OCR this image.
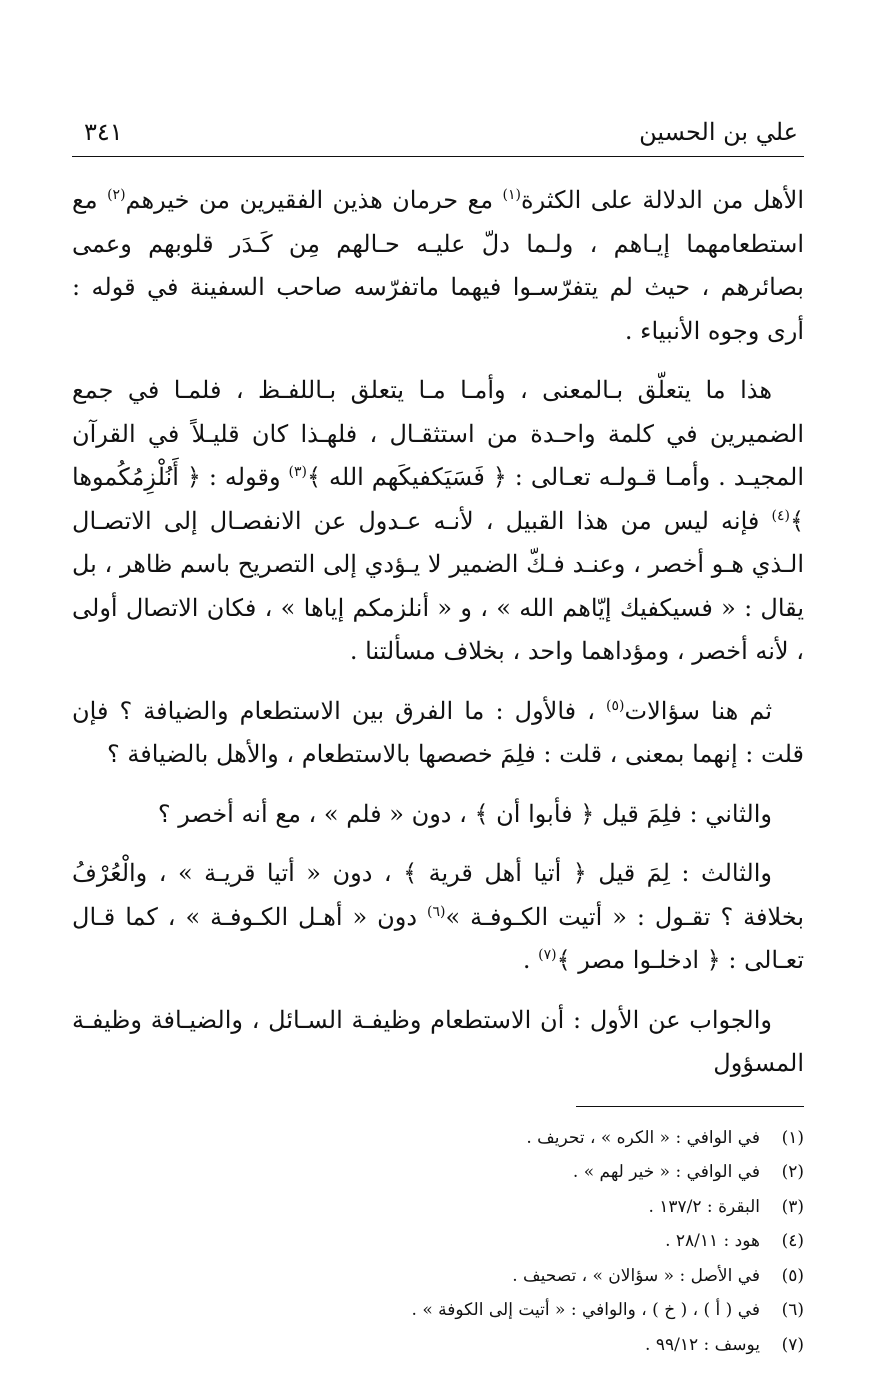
علي بن الحسين
٣٤١

الأهل من الدلالة على الكثرة$^{(١)}$ مع حرمان هذين الفقيرين من خيرهم$^{(٢)}$ مع استطعامهما إيـاهم ، ولـما دلّ عليـه حـالهم مِن كَـدَر قلوبهم وعمى بصائرهم ، حيث لم يتفرّسـوا فيهما ماتفرّسه صاحب السفينة في قوله : أرى وجوه الأنبياء .

هذا ما يتعلّق بـالمعنى ، وأمـا مـا يتعلق بـاللفـظ ، فلمـا في جمع الضميرين في كلمة واحـدة من استثقـال ، فلهـذا كان قليـلاً في القرآن المجيـد . وأمـا قـولـه تعـالى : ﴿ فَسَيَكفيكَهم الله ﴾$^{(٣)}$ وقوله : ﴿ أَنُلْزِمُكُموها ﴾$^{(٤)}$ فإنه ليس من هذا القبيل ، لأنـه عـدول عن الانفصـال إلى الاتصـال الـذي هـو أخصر ، وعنـد فـكّ الضمير لا يـؤدي إلى التصريح باسم ظاهر ، بل يقال : « فسيكفيك إيّاهم الله » ، و « أنلزمكم إياها » ، فكان الاتصال أولى ، لأنه أخصر ، ومؤداهما واحد ، بخلاف مسألتنا .

ثم هنا سؤالات$^{(٥)}$ ، فالأول : ما الفرق بين الاستطعام والضيافة ؟ فإن قلت : إنهما بمعنى ، قلت : فلِمَ خصصها بالاستطعام ، والأهل بالضيافة ؟

والثاني : فلِمَ قيل ﴿ فأبوا أن ﴾ ، دون « فلم » ، مع أنه أخصر ؟

والثالث : لِمَ قيل ﴿ أتيا أهل قرية ﴾ ، دون « أتيا قريـة » ، والْعُرْفُ بخلافة ؟ تقـول : « أتيت الكـوفـة »$^{(٦)}$ دون « أهـل الكـوفـة » ، كما قـال تعـالى : ﴿ ادخلـوا مصر ﴾$^{(٧)}$ .

والجواب عن الأول : أن الاستطعام وظيفـة السـائل ، والضيـافة وظيفـة المسؤول

(١)
في الوافي : « الكره » ، تحريف .
(٢)
في الوافي : « خير لهم » .
(٣)
البقرة : ١٣٧/٢ .
(٤)
هود : ٢٨/١١ .
(٥)
في الأصل : « سؤالان » ، تصحيف .
(٦)
في ( أ ) ، ( خ ) ، والوافي : « أتيت إلى الكوفة » .
(٧)
يوسف : ٩٩/١٢ .
